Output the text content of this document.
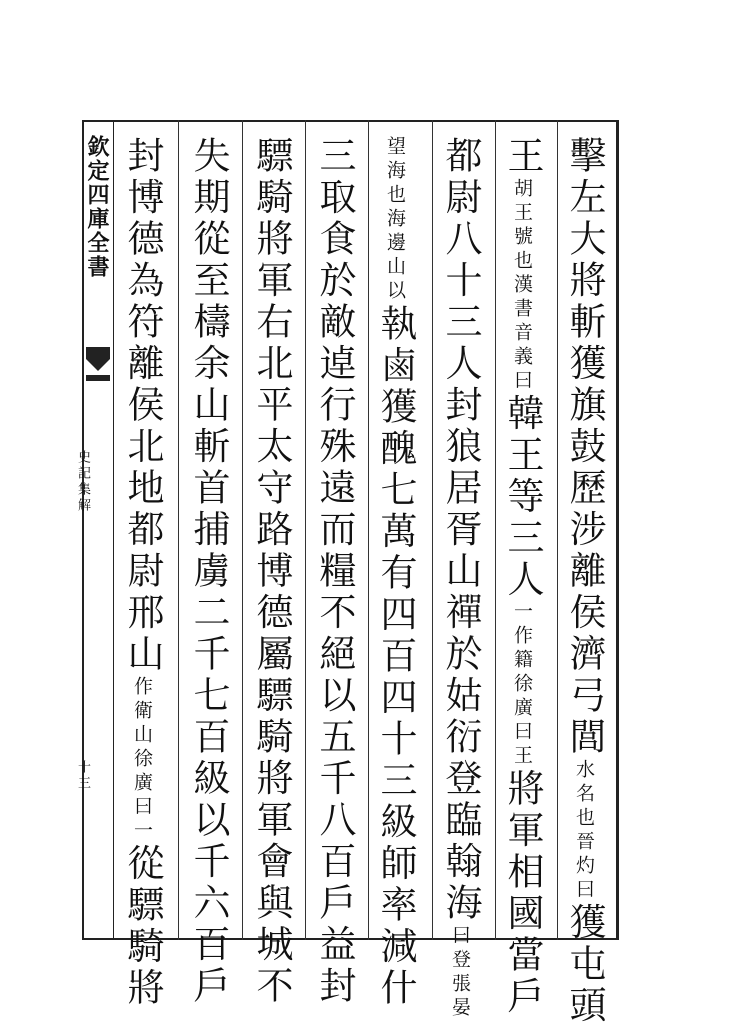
欽定四庫全書
史記集解
十三
擊左大將斬獲旗鼓歷涉離侯濟弓閭
晉灼曰
水名也
獲屯頭
王
漢書音義曰
胡王號也
韓王等三人
徐廣曰王
一作籍
將軍相國當戶
都尉八十三人封狼居胥山禪於姑衍登臨翰海
張晏
曰登
海邊山以
望海也
執鹵獲醜七萬有四百四十三級師率減什
三取食於敵逴行殊遠而糧不絕以五千八百戶益封
驃騎將軍右北平太守路博德屬驃騎將軍會與城不
失期從至檮余山斬首捕虜二千七百級以千六百戶
封博德為符離侯北地都尉邢山
徐廣曰一
作衛山
從驃騎將
